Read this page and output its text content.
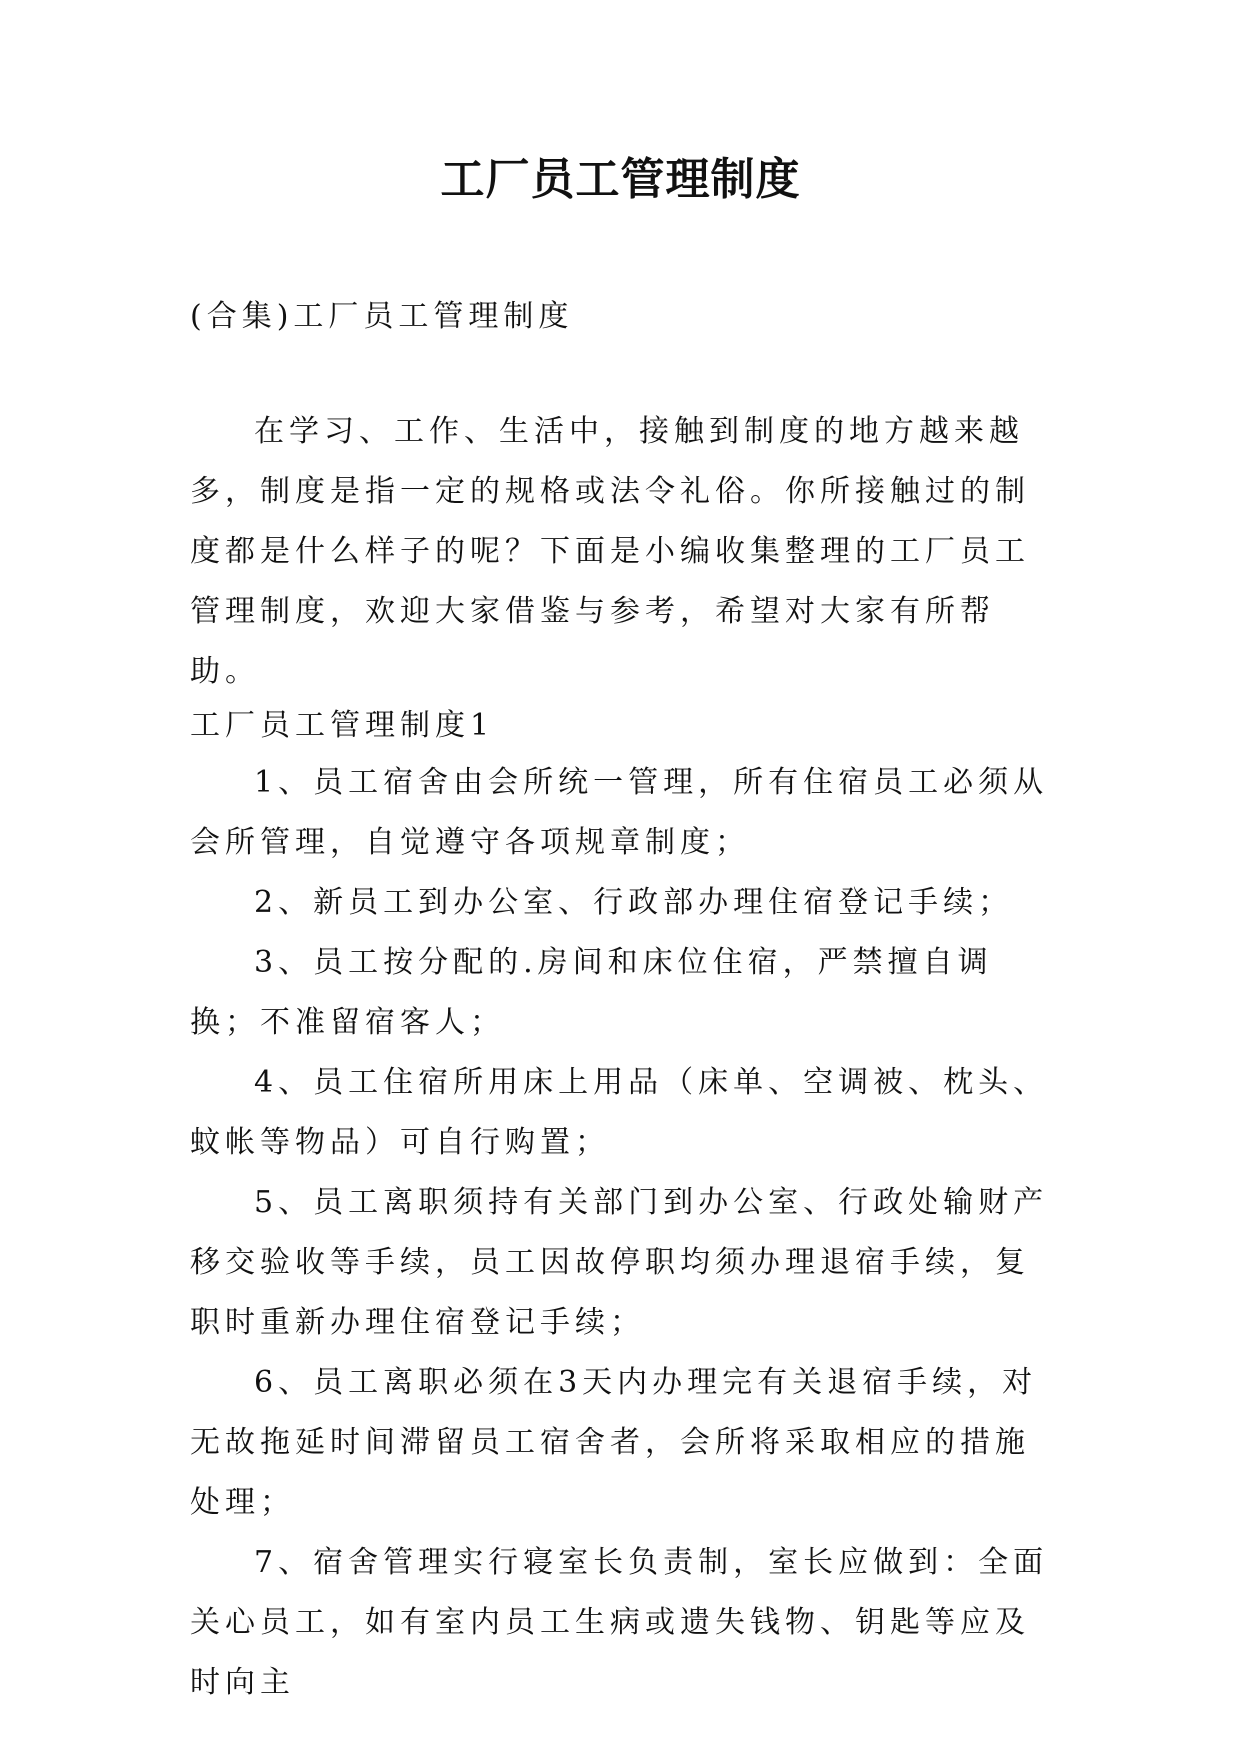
工厂员工管理制度
(合集)工厂员工管理制度
在学习、工作、生活中，接触到制度的地方越来越多，制度是指一定的规格或法令礼俗。你所接触过的制度都是什么样子的呢？下面是小编收集整理的工厂员工管理制度，欢迎大家借鉴与参考，希望对大家有所帮助。
工厂员工管理制度1

1、员工宿舍由会所统一管理，所有住宿员工必须从会所管理，自觉遵守各项规章制度；

2、新员工到办公室、行政部办理住宿登记手续；

3、员工按分配的.房间和床位住宿，严禁擅自调换；不准留宿客人；

4、员工住宿所用床上用品（床单、空调被、枕头、蚊帐等物品）可自行购置；

5、员工离职须持有关部门到办公室、行政处输财产移交验收等手续，员工因故停职均须办理退宿手续，复职时重新办理住宿登记手续；

6、员工离职必须在3天内办理完有关退宿手续，对无故拖延时间滞留员工宿舍者，会所将采取相应的措施处理；

7、宿舍管理实行寝室长负责制，室长应做到：全面关心员工，如有室内员工生病或遗失钱物、钥匙等应及时向主
